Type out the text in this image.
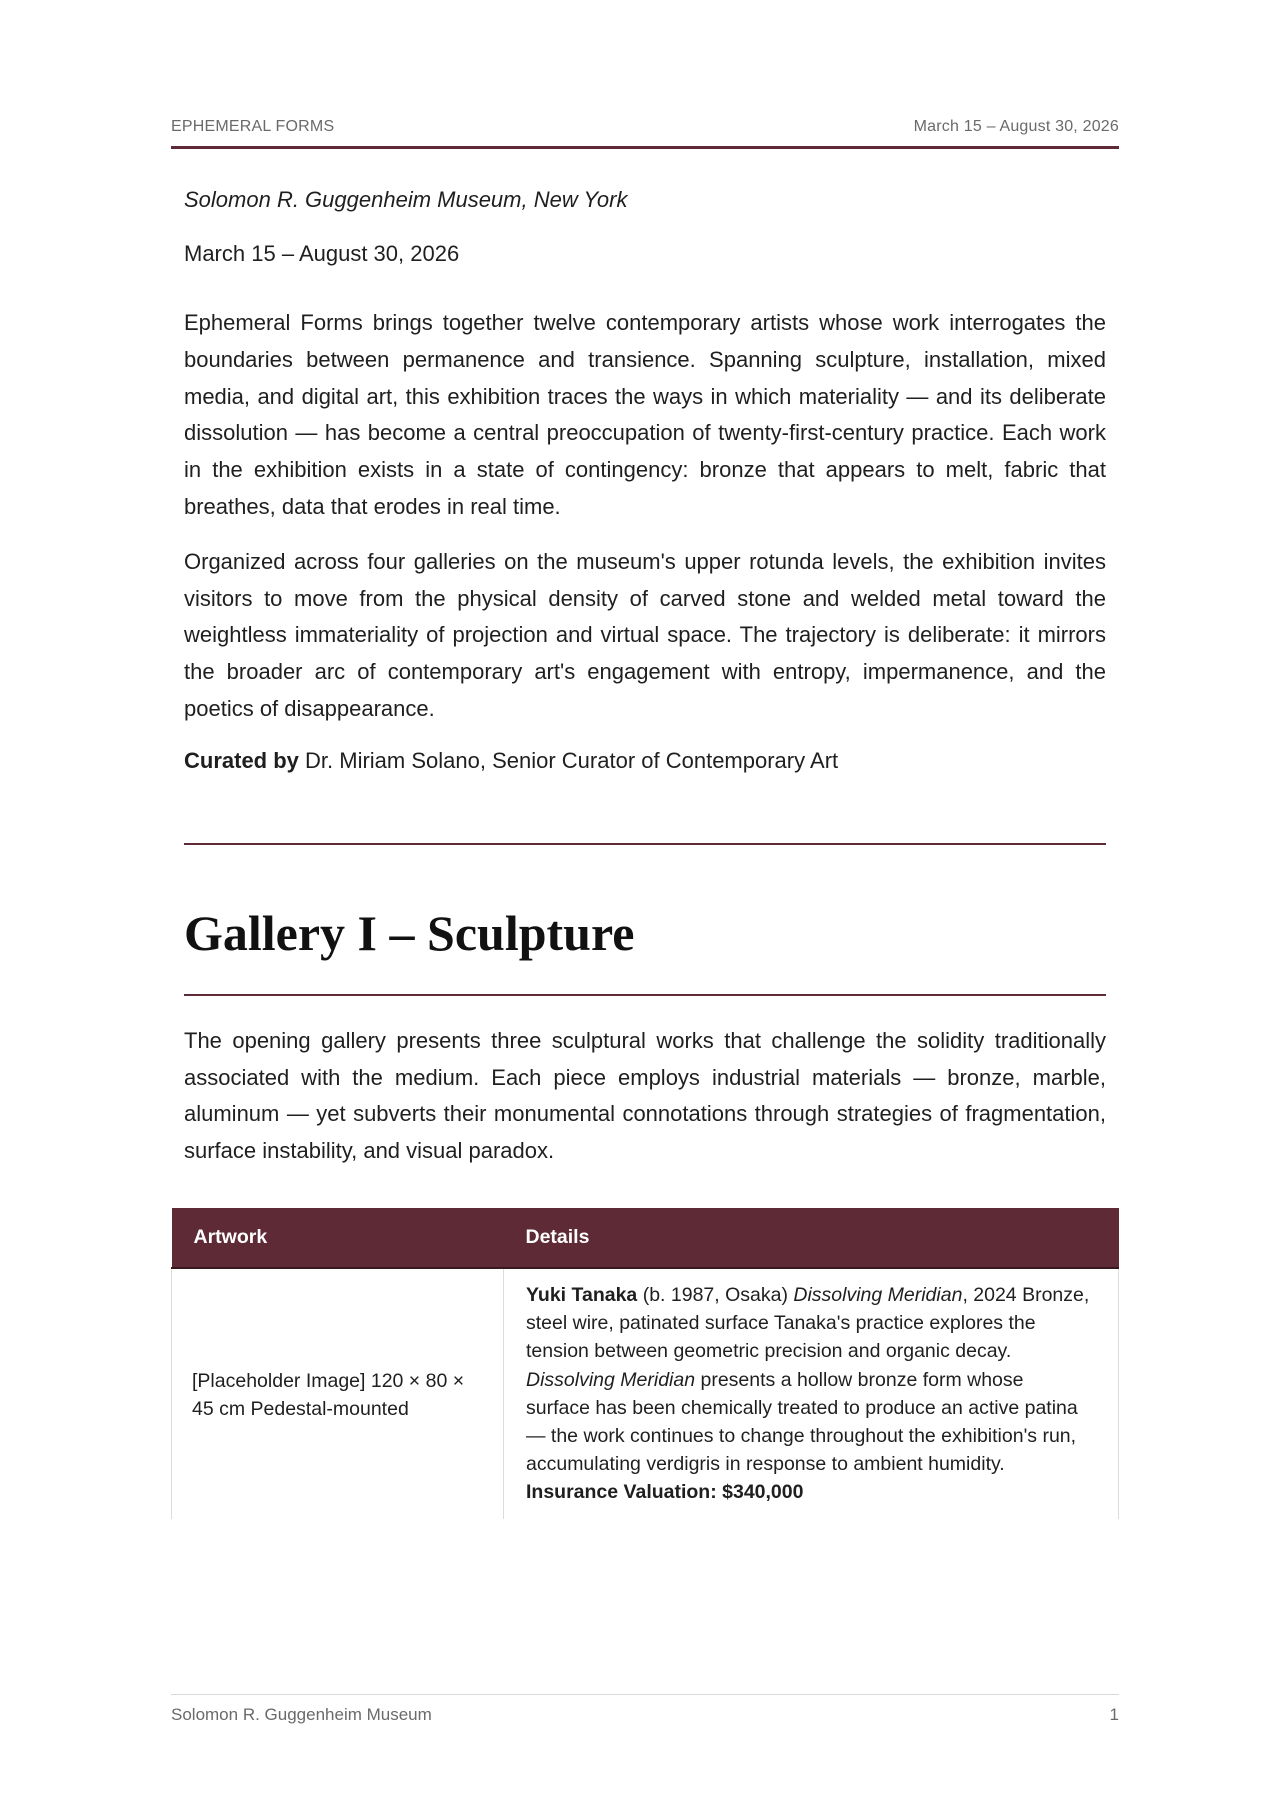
EPHEMERAL FORMS	March 15 – August 30, 2026

Solomon R. Guggenheim Museum, New York

March 15 – August 30, 2026

Ephemeral Forms brings together twelve contemporary artists whose work interrogates the boundaries between permanence and transience. Spanning sculpture, installation, mixed media, and digital art, this exhibition traces the ways in which materiality — and its deliberate dissolution — has become a central preoccupation of twenty-first-century practice. Each work in the exhibition exists in a state of contingency: bronze that appears to melt, fabric that breathes, data that erodes in real time.

Organized across four galleries on the museum's upper rotunda levels, the exhibition invites visitors to move from the physical density of carved stone and welded metal toward the weightless immateriality of projection and virtual space. The trajectory is deliberate: it mirrors the broader arc of contemporary art's engagement with entropy, impermanence, and the poetics of disappearance.

Curated by Dr. Miriam Solano, Senior Curator of Contemporary Art

Gallery I – Sculpture

The opening gallery presents three sculptural works that challenge the solidity traditionally associated with the medium. Each piece employs industrial materials — bronze, marble, aluminum — yet subverts their monumental connotations through strategies of fragmentation, surface instability, and visual paradox.

Artwork	Details
[Placeholder Image] 120 × 80 × 45 cm Pedestal-mounted	Yuki Tanaka (b. 1987, Osaka) Dissolving Meridian, 2024 Bronze, steel wire, patinated surface Tanaka's practice explores the tension between geometric precision and organic decay. Dissolving Meridian presents a hollow bronze form whose surface has been chemically treated to produce an active patina — the work continues to change throughout the exhibition's run, accumulating verdigris in response to ambient humidity. Insurance Valuation: $340,000
Solomon R. Guggenheim Museum	1
